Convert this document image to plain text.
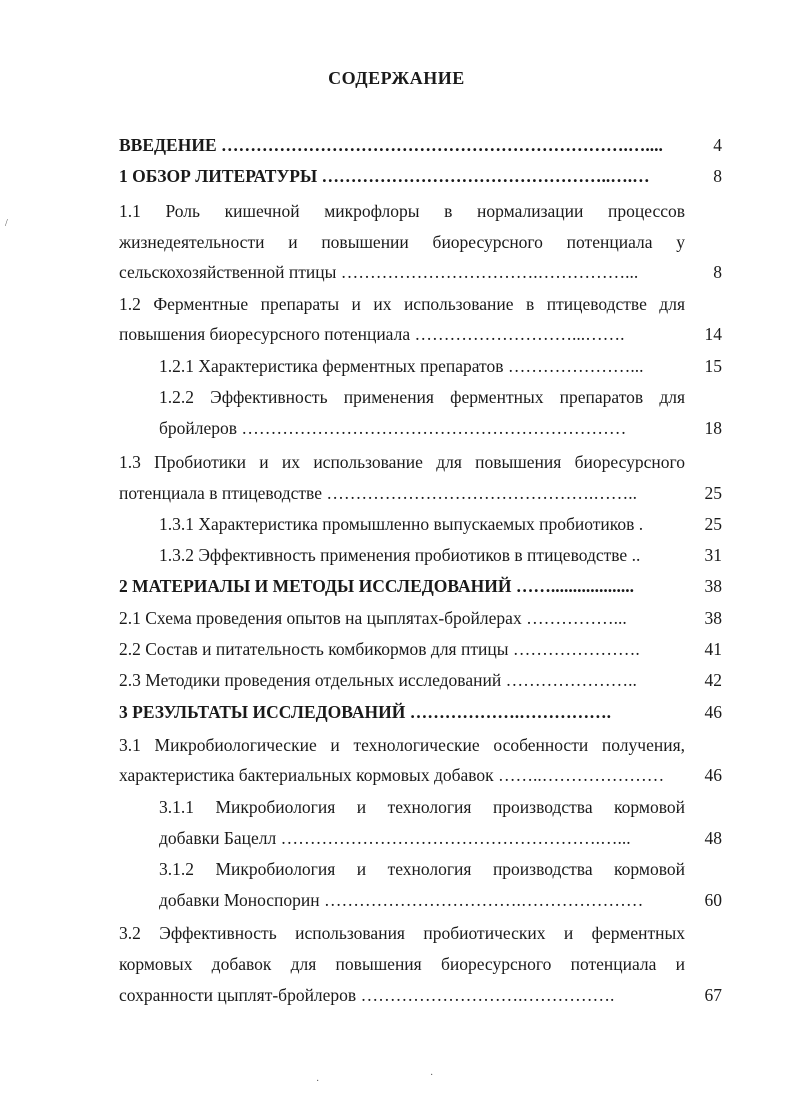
СОДЕРЖАНИЕ
ВВЕДЕНИЕ …………………………………………………………….…....	4
1 ОБЗОР ЛИТЕРАТУРЫ …………………………………………..….…	8
1.1 Роль кишечной микрофлоры в нормализации процессов
жизнедеятельности и повышении биоресурсного потенциала у
сельскохозяйственной птицы …………………………….……………...	8
1.2 Ферментные препараты и их использование в птицеводстве для
повышения биоресурсного потенциала ………………………...…….	14
1.2.1 Характеристика ферментных препаратов …………………...	15
1.2.2 Эффективность применения ферментных препаратов для
бройлеров …………………………………………………………	18
1.3 Пробиотики и их использование для повышения биоресурсного
потенциала в птицеводстве ……………………………………….……..	25
1.3.1 Характеристика промышленно выпускаемых пробиотиков .	25
1.3.2 Эффективность применения пробиотиков в птицеводстве ..	31
2 МАТЕРИАЛЫ И МЕТОДЫ ИССЛЕДОВАНИЙ ……...................	38
2.1 Схема проведения опытов на цыплятах-бройлерах ……………...	38
2.2 Состав и питательность комбикормов для птицы ………………….	41
2.3 Методики проведения отдельных исследований …………………..	42
3 РЕЗУЛЬТАТЫ ИССЛЕДОВАНИЙ ……………….…………….	46
3.1 Микробиологические и технологические особенности получения,
характеристика бактериальных кормовых добавок ……..…………………	46
3.1.1 Микробиология и технология производства кормовой
добавки Бацелл ……………………………………………….…...	48
3.1.2 Микробиология и технология производства кормовой
добавки Моноспорин …………………………….…………………	60
3.2 Эффективность использования пробиотических и ферментных
кормовых добавок для повышения биоресурсного потенциала и
сохранности цыплят-бройлеров ……………………….…………….	67
/
·
·
